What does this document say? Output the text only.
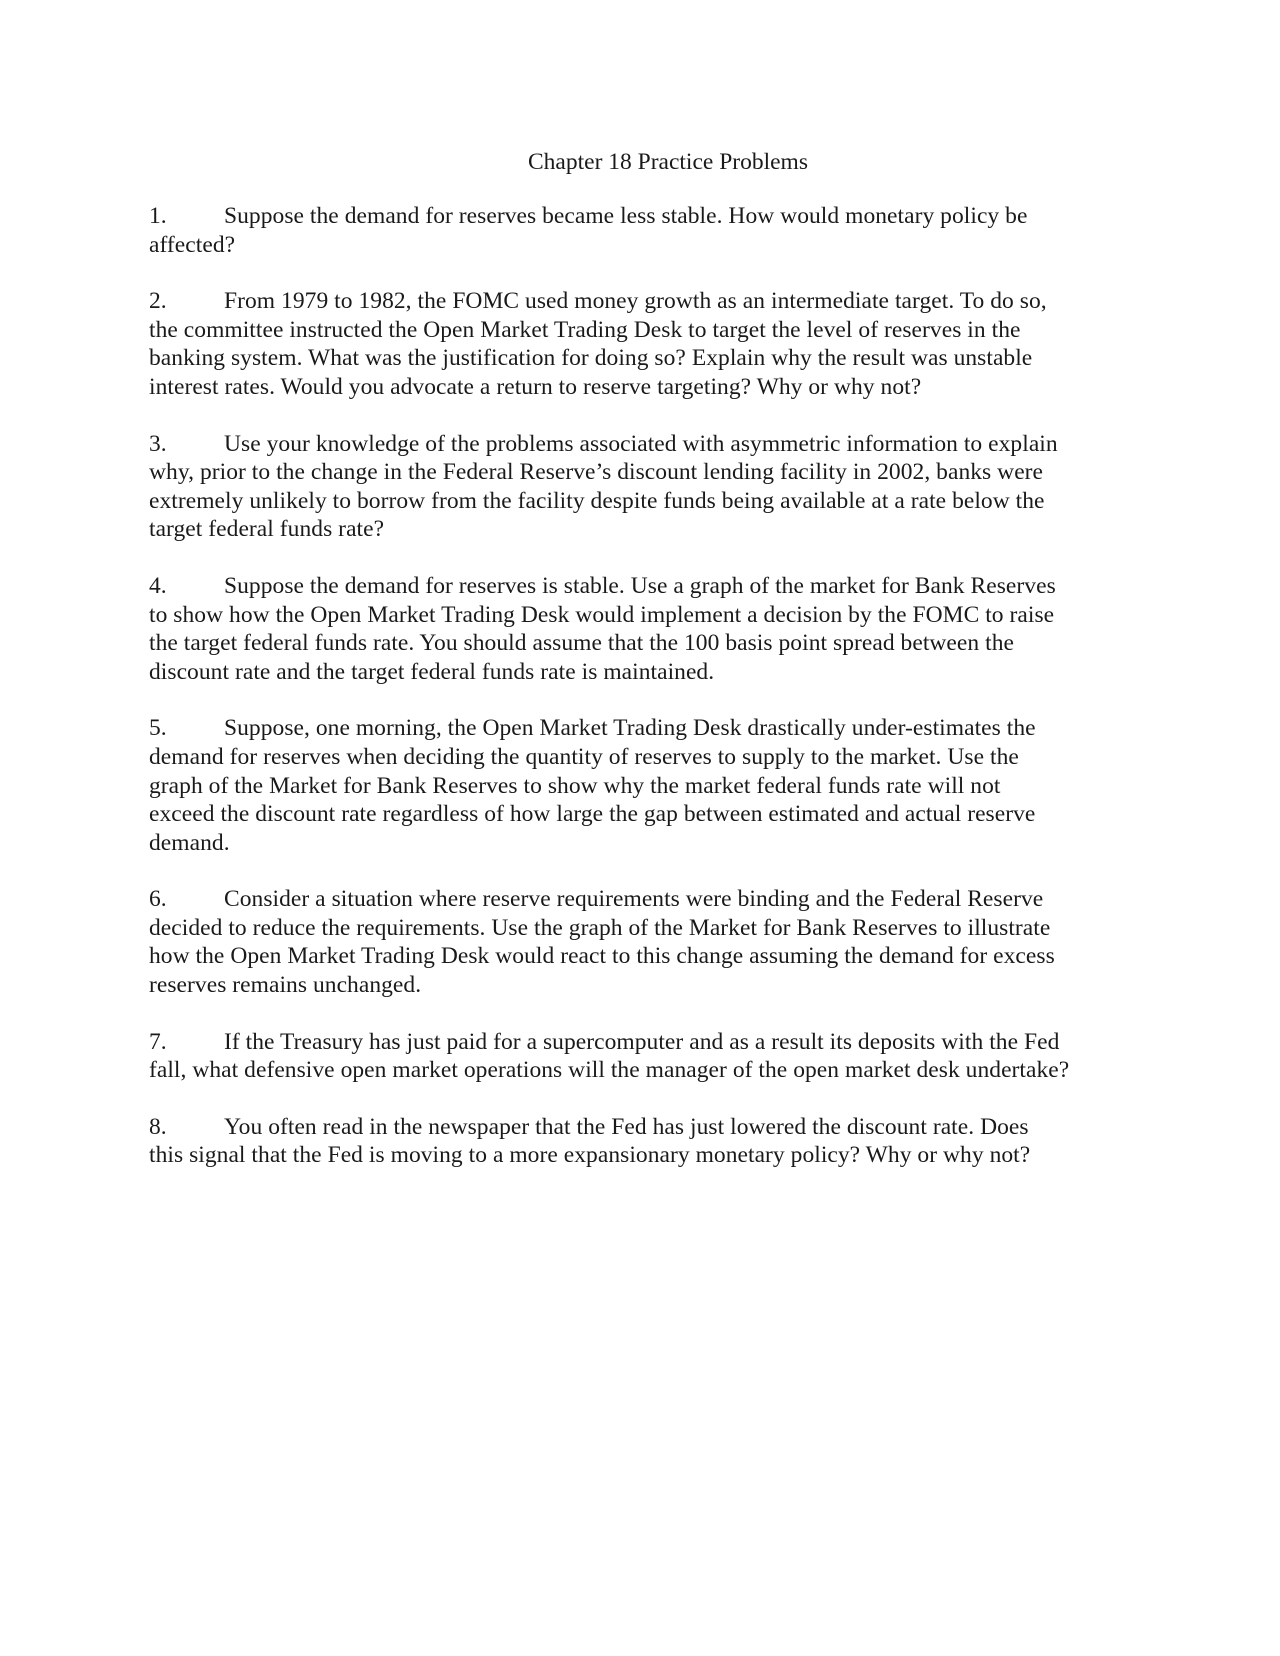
Chapter 18 Practice Problems
1. Suppose the demand for reserves became less stable. How would monetary policy be
affected?
2. From 1979 to 1982, the FOMC used money growth as an intermediate target. To do so,
the committee instructed the Open Market Trading Desk to target the level of reserves in the
banking system. What was the justification for doing so? Explain why the result was unstable
interest rates. Would you advocate a return to reserve targeting? Why or why not?
3. Use your knowledge of the problems associated with asymmetric information to explain
why, prior to the change in the Federal Reserve’s discount lending facility in 2002, banks were
extremely unlikely to borrow from the facility despite funds being available at a rate below the
target federal funds rate?
4. Suppose the demand for reserves is stable. Use a graph of the market for Bank Reserves
to show how the Open Market Trading Desk would implement a decision by the FOMC to raise
the target federal funds rate. You should assume that the 100 basis point spread between the
discount rate and the target federal funds rate is maintained.
5. Suppose, one morning, the Open Market Trading Desk drastically under-estimates the
demand for reserves when deciding the quantity of reserves to supply to the market. Use the
graph of the Market for Bank Reserves to show why the market federal funds rate will not
exceed the discount rate regardless of how large the gap between estimated and actual reserve
demand.
6. Consider a situation where reserve requirements were binding and the Federal Reserve
decided to reduce the requirements. Use the graph of the Market for Bank Reserves to illustrate
how the Open Market Trading Desk would react to this change assuming the demand for excess
reserves remains unchanged.
7. If the Treasury has just paid for a supercomputer and as a result its deposits with the Fed
fall, what defensive open market operations will the manager of the open market desk undertake?
8. You often read in the newspaper that the Fed has just lowered the discount rate. Does
this signal that the Fed is moving to a more expansionary monetary policy? Why or why not?
